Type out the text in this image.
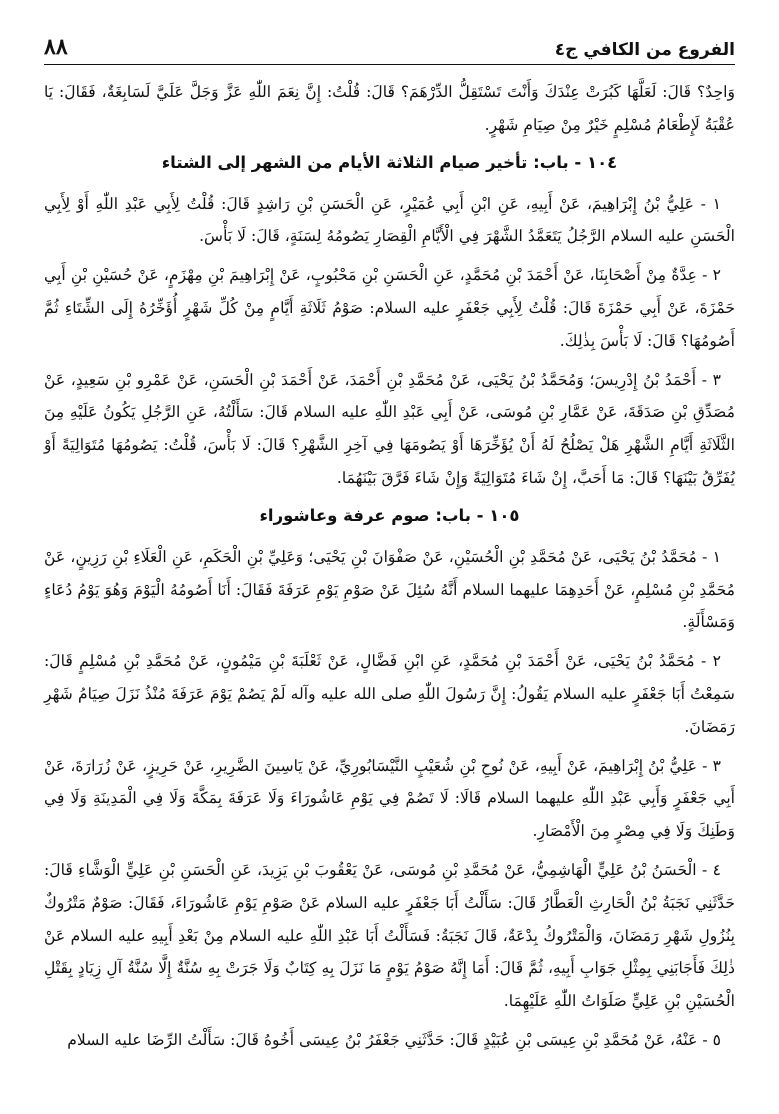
٨٨	الفروع من الكافي ج٤

وَاحِدٌ؟ قَالَ: لَعَلَّهَا كَبُرَتْ عِنْدَكَ وَأَنْتَ تَسْتَقِلُّ الدِّرْهَمَ؟ قَالَ: قُلْتُ: إِنَّ نِعَمَ اللّٰهِ عَزَّ وَجَلَّ عَلَيَّ لَسَابِغَةٌ، فَقَالَ: يَا عُقْبَةُ لَإِطْعَامُ مُسْلِمٍ خَيْرٌ مِنْ صِيَامِ شَهْرٍ.

١٠٤ - باب: تأخير صيام الثلاثة الأيام من الشهر إلى الشتاء

١ - عَلِيُّ بْنُ إِبْرَاهِيمَ، عَنْ أَبِيهِ، عَنِ ابْنِ أَبِي عُمَيْرٍ، عَنِ الْحَسَنِ بْنِ رَاشِدٍ قَالَ: قُلْتُ لِأَبِي عَبْدِ اللّٰهِ أَوْ لِأَبِي الْحَسَنِ عليه السلام الرَّجُلُ يَتَعَمَّدُ الشَّهْرَ فِي الْأَيَّامِ الْقِصَارِ يَصُومُهُ لِسَنَةٍ، قَالَ: لَا بَأْسَ.

٢ - عِدَّةٌ مِنْ أَصْحَابِنَا، عَنْ أَحْمَدَ بْنِ مُحَمَّدٍ، عَنِ الْحَسَنِ بْنِ مَحْبُوبٍ، عَنْ إِبْرَاهِيمَ بْنِ مِهْزَمٍ، عَنْ حُسَيْنِ بْنِ أَبِي حَمْزَةَ، عَنْ أَبِي حَمْزَةَ قَالَ: قُلْتُ لِأَبِي جَعْفَرٍ عليه السلام: صَوْمُ ثَلَاثَةِ أَيَّامٍ مِنْ كُلِّ شَهْرٍ أُؤَخِّرُهُ إِلَى الشِّتَاءِ ثُمَّ أَصُومُهَا؟ قَالَ: لَا بَأْسَ بِذٰلِكَ.

٣ - أَحْمَدُ بْنُ إِدْرِيسَ؛ وَمُحَمَّدُ بْنُ يَحْيَى، عَنْ مُحَمَّدِ بْنِ أَحْمَدَ، عَنْ أَحْمَدَ بْنِ الْحَسَنِ، عَنْ عَمْرِو بْنِ سَعِيدٍ، عَنْ مُصَدِّقِ بْنِ صَدَقَةَ، عَنْ عَمَّارِ بْنِ مُوسَى، عَنْ أَبِي عَبْدِ اللّٰهِ عليه السلام قَالَ: سَأَلْتُهُ، عَنِ الرَّجُلِ يَكُونُ عَلَيْهِ مِنَ الثَّلَاثَةِ أَيَّامِ الشَّهْرِ هَلْ يَصْلُحُ لَهُ أَنْ يُؤَخِّرَهَا أَوْ يَصُومَهَا فِي آخِرِ الشَّهْرِ؟ قَالَ: لَا بَأْسَ، قُلْتُ: يَصُومُهَا مُتَوَالِيَةً أَوْ يُفَرِّقُ بَيْنَهَا؟ قَالَ: مَا أَحَبَّ، إِنْ شَاءَ مُتَوَالِيَةً وَإِنْ شَاءَ فَرَّقَ بَيْنَهُمَا.

١٠٥ - باب: صوم عرفة وعاشوراء

١ - مُحَمَّدُ بْنُ يَحْيَى، عَنْ مُحَمَّدِ بْنِ الْحُسَيْنِ، عَنْ صَفْوَانَ بْنِ يَحْيَى؛ وَعَلِيِّ بْنِ الْحَكَمِ، عَنِ الْعَلَاءِ بْنِ رَزِينٍ، عَنْ مُحَمَّدِ بْنِ مُسْلِمٍ، عَنْ أَحَدِهِمَا عليهما السلام أَنَّهُ سُئِلَ عَنْ صَوْمِ يَوْمِ عَرَفَةَ فَقَالَ: أَنَا أَصُومُهُ الْيَوْمَ وَهُوَ يَوْمُ دُعَاءٍ وَمَسْأَلَةٍ.

٢ - مُحَمَّدُ بْنُ يَحْيَى، عَنْ أَحْمَدَ بْنِ مُحَمَّدٍ، عَنِ ابْنِ فَضَّالٍ، عَنْ ثَعْلَبَةَ بْنِ مَيْمُونٍ، عَنْ مُحَمَّدِ بْنِ مُسْلِمٍ قَالَ: سَمِعْتُ أَبَا جَعْفَرٍ عليه السلام يَقُولُ: إِنَّ رَسُولَ اللّٰهِ صلى الله عليه وآله لَمْ يَصُمْ يَوْمَ عَرَفَةَ مُنْذُ نَزَلَ صِيَامُ شَهْرِ رَمَضَانَ.

٣ - عَلِيُّ بْنُ إِبْرَاهِيمَ، عَنْ أَبِيهِ، عَنْ نُوحِ بْنِ شُعَيْبٍ النَّيْسَابُورِيِّ، عَنْ يَاسِينَ الضَّرِيرِ، عَنْ حَرِيزٍ، عَنْ زُرَارَةَ، عَنْ أَبِي جَعْفَرٍ وَأَبِي عَبْدِ اللّٰهِ عليهما السلام قَالَا: لَا تَصُمْ فِي يَوْمِ عَاشُورَاءَ وَلَا عَرَفَةَ بِمَكَّةَ وَلَا فِي الْمَدِينَةِ وَلَا فِي وَطَنِكَ وَلَا فِي مِصْرٍ مِنَ الْأَمْصَارِ.

٤ - الْحَسَنُ بْنُ عَلِيٍّ الْهَاشِمِيُّ، عَنْ مُحَمَّدِ بْنِ مُوسَى، عَنْ يَعْقُوبَ بْنِ يَزِيدَ، عَنِ الْحَسَنِ بْنِ عَلِيٍّ الْوَشَّاءِ قَالَ: حَدَّثَنِي نَجَبَةُ بْنُ الْحَارِثِ الْعَطَّارُ قَالَ: سَأَلْتُ أَبَا جَعْفَرٍ عليه السلام عَنْ صَوْمِ يَوْمِ عَاشُورَاءَ، فَقَالَ: صَوْمٌ مَتْرُوكٌ بِنُزُولِ شَهْرِ رَمَضَانَ، وَالْمَتْرُوكُ بِدْعَةٌ، قَالَ نَجَبَةُ: فَسَأَلْتُ أَبَا عَبْدِ اللّٰهِ عليه السلام مِنْ بَعْدِ أَبِيهِ عليه السلام عَنْ ذٰلِكَ فَأَجَابَنِي بِمِثْلِ جَوَابِ أَبِيهِ، ثُمَّ قَالَ: أَمَا إِنَّهُ صَوْمُ يَوْمٍ مَا نَزَلَ بِهِ كِتَابٌ وَلَا جَرَتْ بِهِ سُنَّةٌ إِلَّا سُنَّةُ آلِ زِيَادٍ بِقَتْلِ الْحُسَيْنِ بْنِ عَلِيٍّ صَلَوَاتُ اللّٰهِ عَلَيْهِمَا.

٥ - عَنْهُ، عَنْ مُحَمَّدِ بْنِ عِيسَى بْنِ عُبَيْدٍ قَالَ: حَدَّثَنِي جَعْفَرُ بْنُ عِيسَى أَخُوهُ قَالَ: سَأَلْتُ الرِّضَا عليه السلام
